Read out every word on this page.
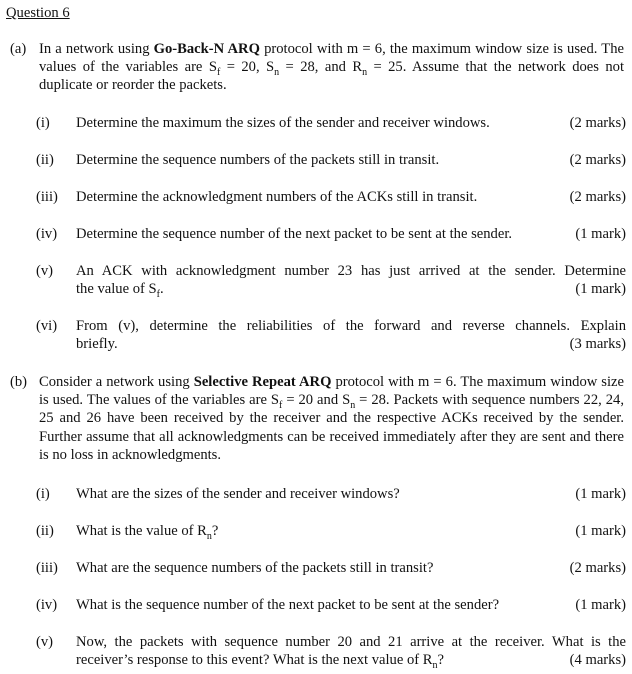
Question 6
(a) In a network using Go-Back-N ARQ protocol with m = 6, the maximum window size is used. The values of the variables are $S_f = 20$, $S_n = 28$, and $R_n = 25$. Assume that the network does not duplicate or reorder the packets.
(i) Determine the maximum the sizes of the sender and receiver windows.	(2 marks)
(ii) Determine the sequence numbers of the packets still in transit.	(2 marks)
(iii) Determine the acknowledgment numbers of the ACKs still in transit.	(2 marks)
(iv) Determine the sequence number of the next packet to be sent at the sender.	(1 mark)
(v) An ACK with acknowledgment number 23 has just arrived at the sender. Determine
the value of $S_f$.	(1 mark)
(vi) From (v), determine the reliabilities of the forward and reverse channels. Explain
briefly.	(3 marks)
(b) Consider a network using Selective Repeat ARQ protocol with m = 6. The maximum window size is used. The values of the variables are $S_f = 20$ and $S_n = 28$. Packets with sequence numbers 22, 24, 25 and 26 have been received by the receiver and the respective ACKs received by the sender. Further assume that all acknowledgments can be received immediately after they are sent and there is no loss in acknowledgments.
(i) What are the sizes of the sender and receiver windows?	(1 mark)
(ii) What is the value of $R_n$?	(1 mark)
(iii) What are the sequence numbers of the packets still in transit?	(2 marks)
(iv) What is the sequence number of the next packet to be sent at the sender?	(1 mark)
(v) Now, the packets with sequence number 20 and 21 arrive at the receiver. What is the
receiver’s response to this event? What is the next value of $R_n$?	(4 marks)
